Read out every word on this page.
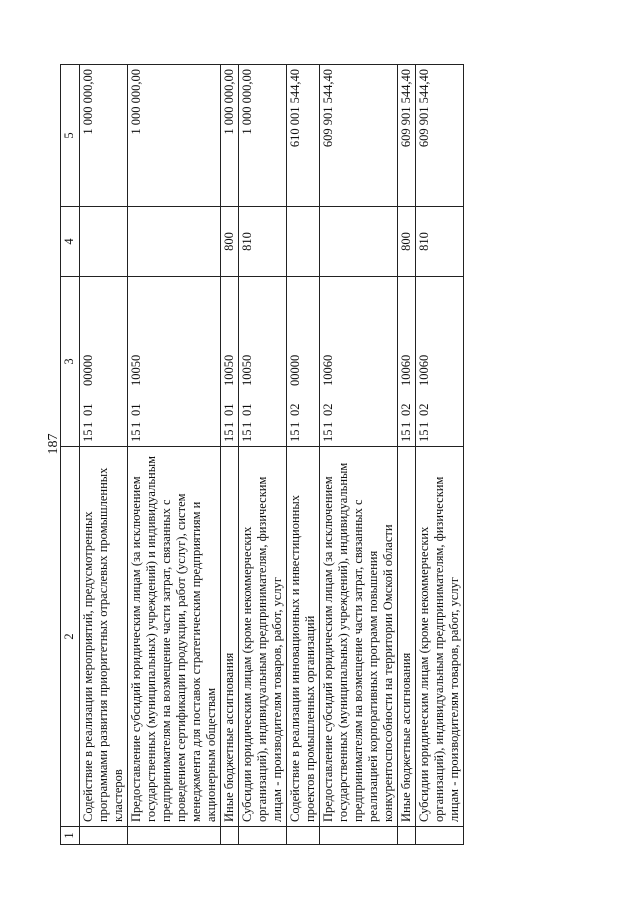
187
1	2	3	4	5
	Содействие в реализации мероприятий, предусмотренных программами развития приоритетных отраслевых промышленных кластеров	1510100000		1 000 000,00
	Предоставление субсидий юридическим лицам (за исключением государственных (муниципальных) учреждений) и индивидуальным предпринимателям на возмещение части затрат, связанных с проведением сертификации продукции, работ (услуг), систем менеджмента для поставок стратегическим предприятиям и акционерным обществам	1510110050		1 000 000,00
	Иные бюджетные ассигнования	1510110050	800	1 000 000,00
	Субсидии юридическим лицам (кроме некоммерческих организаций), индивидуальным предпринимателям, физическим лицам - производителям товаров, работ, услуг	1510110050	810	1 000 000,00
	Содействие в реализации инновационных и инвестиционных проектов промышленных организаций	1510200000		610 001 544,40
	Предоставление субсидий юридическим лицам (за исключением государственных (муниципальных) учреждений), индивидуальным предпринимателям на возмещение части затрат, связанных с реализацией корпоративных программ повышения конкурентоспособности на территории Омской области	1510210060		609 901 544,40
	Иные бюджетные ассигнования	1510210060	800	609 901 544,40
	Субсидии юридическим лицам (кроме некоммерческих организаций), индивидуальным предпринимателям, физическим лицам - производителям товаров, работ, услуг	1510210060	810	609 901 544,40
